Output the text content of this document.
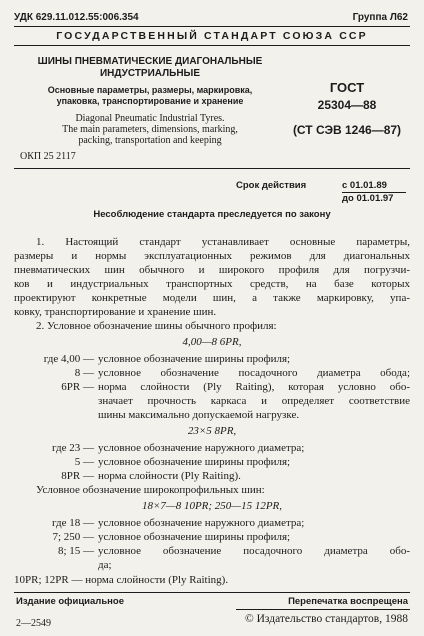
УДК 629.11.012.55:006.354	Группа Л62
ГОСУДАРСТВЕННЫЙ СТАНДАРТ СОЮЗА ССР
ШИНЫ ПНЕВМАТИЧЕСКИЕ ДИАГОНАЛЬНЫЕ
ИНДУСТРИАЛЬНЫЕ
Основные параметры, размеры, маркировка,
упаковка, транспортирование и хранение
Diagonal Pneumatic Industrial Tyres.
The main parameters, dimensions, marking,
packing, transportation and keeping
ГОСТ
25304—88
(СТ СЭВ 1246—87)
ОКП 25 2117
Срок действия	с 01.01.89
до 01.01.97
Несоблюдение стандарта преследуется по закону
1. Настоящий стандарт устанавливает основные параметры,
размеры и нормы эксплуатационных режимов для диагональных
пневматических шин обычного и широкого профиля для погрузчи-
ков и индустриальных транспортных средств, на базе которых
проектируют конкретные модели шин, а также маркировку, упа-
ковку, транспортирование и хранение шин.
2. Условное обозначение шины обычного профиля:
4,00—8 6PR,
где 4,00 — условное обозначение ширины профиля;
8 — условное обозначение посадочного диаметра обода;
6PR — норма слойности (Ply Raiting), которая условно обо-
значает прочность каркаса и определяет соответствие
шины максимально допускаемой нагрузке.
23×5 8PR,
где 23 — условное обозначение наружного диаметра;
5 — условное обозначение ширины профиля;
8PR — норма слойности (Ply Raiting).
Условное обозначение широкопрофильных шин:
18×7—8 10PR; 250—15 12PR,
где 18 — условное обозначение наружного диаметра;
7; 250 — условное обозначение ширины профиля;
8; 15 — условное обозначение посадочного диаметра обо-
да;
10PR; 12PR — норма слойности (Ply Raiting).
Издание официальное	Перепечатка воспрещена
© Издательство стандартов, 1988
2—2549
